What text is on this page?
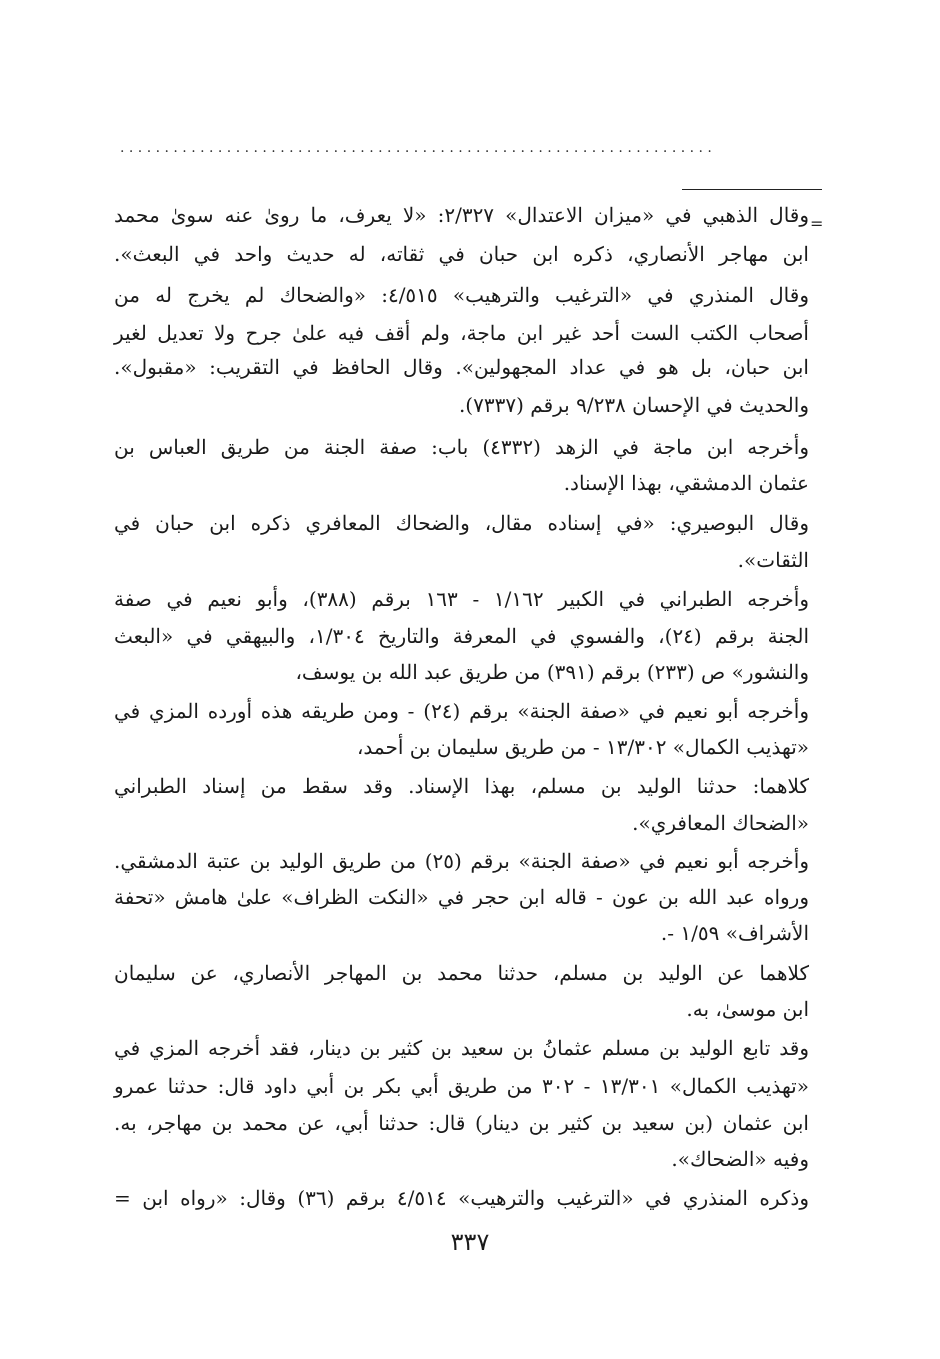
. . . . . . . . . . . . . . . . . . . . . . . . . . . . . . . . . . . . . . . . . . . . . . . . . . . . . . . . . . . . . . . . . . .
=
وقال الذهبي في «ميزان الاعتدال» ٢/٣٢٧: «لا يعرف، ما رویٰ عنه سوىٰ محمد
ابن مهاجر الأنصاري، ذكره ابن حبان في ثقاته، له حديث واحد في البعث».
وقال المنذري في «الترغيب والترهيب» ٤/٥١٥: «والضحاك لم يخرج له من
أصحاب الكتب الست أحد غير ابن ماجة، ولم أقف فيه علىٰ جرح ولا تعديل لغير
ابن حبان، بل هو في عداد المجهولين». وقال الحافظ في التقريب: «مقبول».
والحديث في الإحسان ٩/٢٣٨ برقم (٧٣٣٧).
وأخرجه ابن ماجة في الزهد (٤٣٣٢) باب: صفة الجنة من طريق العباس بن
عثمان الدمشقي، بهذا الإسناد.
وقال البوصيري: «في إسناده مقال، والضحاك المعافري ذكره ابن حبان في
الثقات».
وأخرجه الطبراني في الكبير ١/١٦٢ - ١٦٣ برقم (٣٨٨)، وأبو نعيم في صفة
الجنة برقم (٢٤)، والفسوي في المعرفة والتاريخ ١/٣٠٤، والبيهقي في «البعث
والنشور» ص (٢٣٣) برقم (٣٩١) من طريق عبد الله بن يوسف،
وأخرجه أبو نعيم في «صفة الجنة» برقم (٢٤) - ومن طريقه هذه أورده المزي في
«تهذيب الكمال» ١٣/٣٠٢ - من طريق سليمان بن أحمد،
كلاهما: حدثنا الوليد بن مسلم، بهذا الإسناد. وقد سقط من إسناد الطبراني
«الضحاك المعافري».
وأخرجه أبو نعيم في «صفة الجنة» برقم (٢٥) من طريق الوليد بن عتبة الدمشقي.
ورواه عبد الله بن عون - قاله ابن حجر في «النكت الظراف» علىٰ هامش «تحفة
الأشراف» ١/٥٩ -.
كلاهما عن الوليد بن مسلم، حدثنا محمد بن المهاجر الأنصاري، عن سليمان
ابن موسىٰ، به.
وقد تابع الوليد بن مسلم عثمانُ بن سعيد بن كثير بن دينار، فقد أخرجه المزي في
«تهذيب الكمال» ١٣/٣٠١ - ٣٠٢ من طريق أبي بكر بن أبي داود قال: حدثنا عمرو
ابن عثمان (بن سعيد بن كثير بن دينار) قال: حدثنا أبي، عن محمد بن مهاجر، به.
وفيه «الضحاك».
وذكره المنذري في «الترغيب والترهيب» ٤/٥١٤ برقم (٣٦) وقال: «رواه ابن =
٣٣٧
